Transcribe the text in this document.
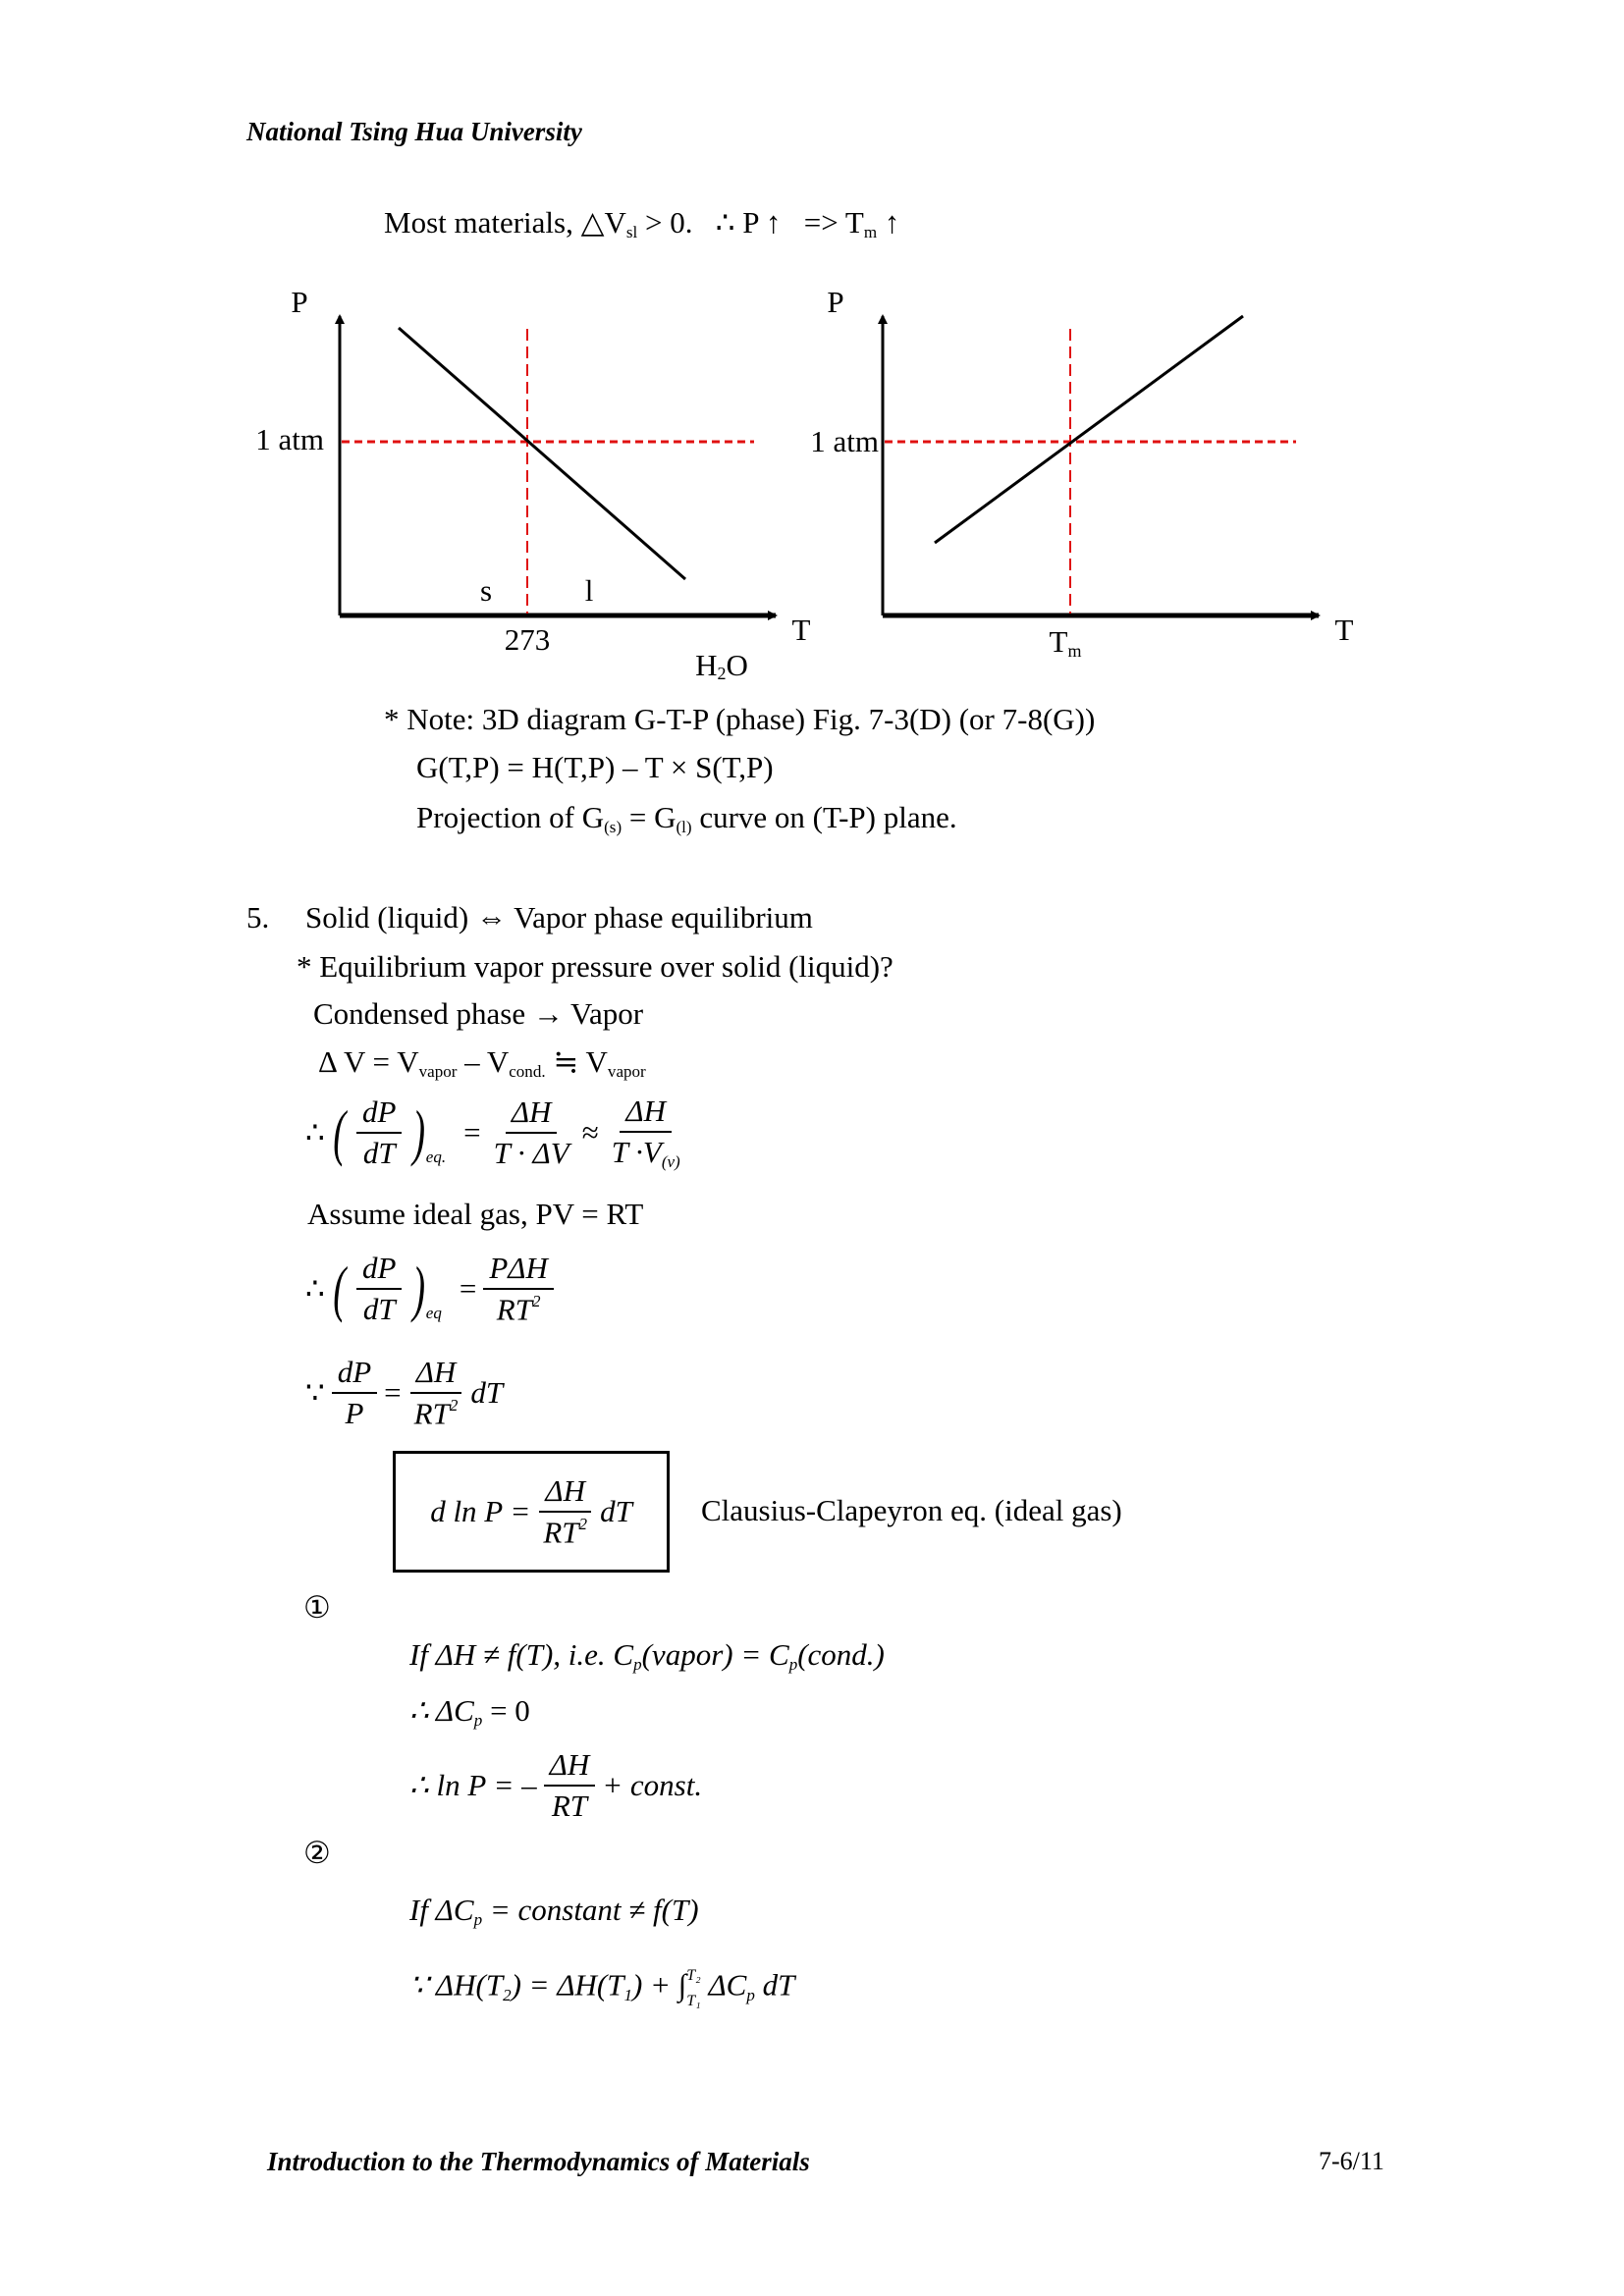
National Tsing Hua University
Most materials, $\triangle V_{sl} > 0$. ∴ P ↑ => $T_m$ ↑
P
1 atm
s	l
273	T
H2O
P
1 atm
Tm
T
* Note: 3D diagram G-T-P (phase) Fig. 7-3(D) (or 7-8(G))
G(T,P) = H(T,P) – T × S(T,P)
Projection of $G_{(s)} = G_{(l)}$ curve on (T-P) plane.
5. Solid (liquid) ⇔ Vapor phase equilibrium
* Equilibrium vapor pressure over solid (liquid)?
Condensed phase → Vapor
Δ $V = V_{vapor} - V_{cond.}$ ≒ $V_{vapor}$
∴ ( $\frac{dP}{dT} )_{eq.}$
= $\frac{\Delta H}{T \cdot \Delta V} \approx \frac{\Delta H}{T \cdot V_{(v)}}$
Assume ideal gas, PV = RT
∴ ( $\frac{dP}{dT} )_{eq}$
= $\frac{\text{PΔH}}{RT^2}$
∵ $\frac{dP}{P} = \frac{\Delta H}{RT^2}$ dT
d $\ln P = \frac{\Delta H}{RT^2}$ dT Clausius-Clapeyron eq. (ideal gas)
①
If ΔH ≠ f(T), i.e. $C_p(vapor)$ = $C_p(cond.)$
∴ $\Delta C_p = 0$
∴ ln P = – $\frac{\Delta H}{RT}$ + const.
②
If $\Delta C_p$ = constant ≠ f(T)
∵ $\Delta H(T_2) = \Delta H(T_1)$ + ∫ T₂
T₁ $\Delta C_p$ dT
Introduction to the Thermodynamics of Materials	7-6/11
